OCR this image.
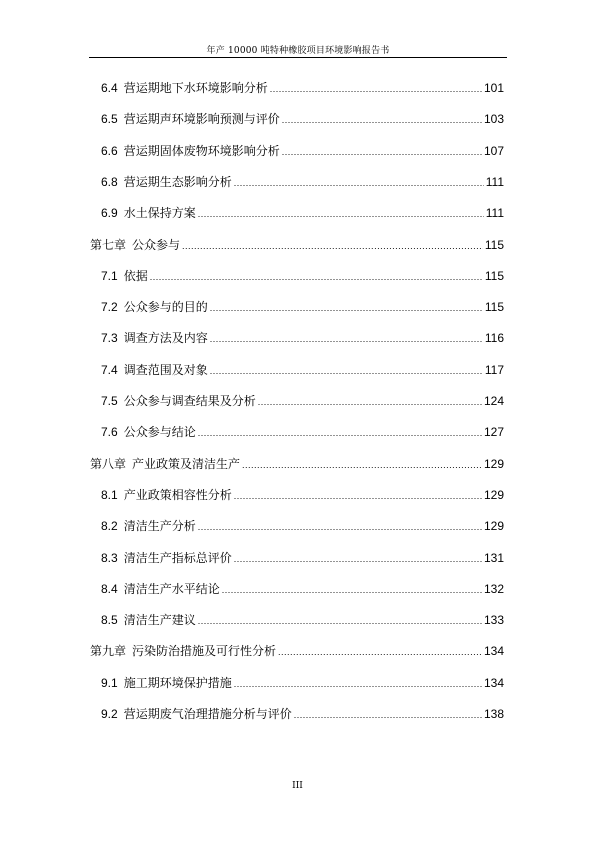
年产 10000 吨特种橡胶项目环境影响报告书
6.4 营运期地下水环境影响分析 .....	101
6.5 营运期声环境影响预测与评价 .....	103
6.6 营运期固体废物环境影响分析 .....	107
6.8 营运期生态影响分析 .....	111
6.9 水土保持方案 .....	111
第七章 公众参与 .....	115
7.1 依据 .....	115
7.2 公众参与的目的 .....	115
7.3 调查方法及内容 .....	116
7.4 调查范围及对象 .....	117
7.5 公众参与调查结果及分析 .....	124
7.6 公众参与结论 .....	127
第八章 产业政策及清洁生产 .....	129
8.1 产业政策相容性分析 .....	129
8.2 清洁生产分析 .....	129
8.3 清洁生产指标总评价 .....	131
8.4 清洁生产水平结论 .....	132
8.5 清洁生产建议 .....	133
第九章 污染防治措施及可行性分析 .....	134
9.1 施工期环境保护措施 .....	134
9.2 营运期废气治理措施分析与评价 .....	138
III
